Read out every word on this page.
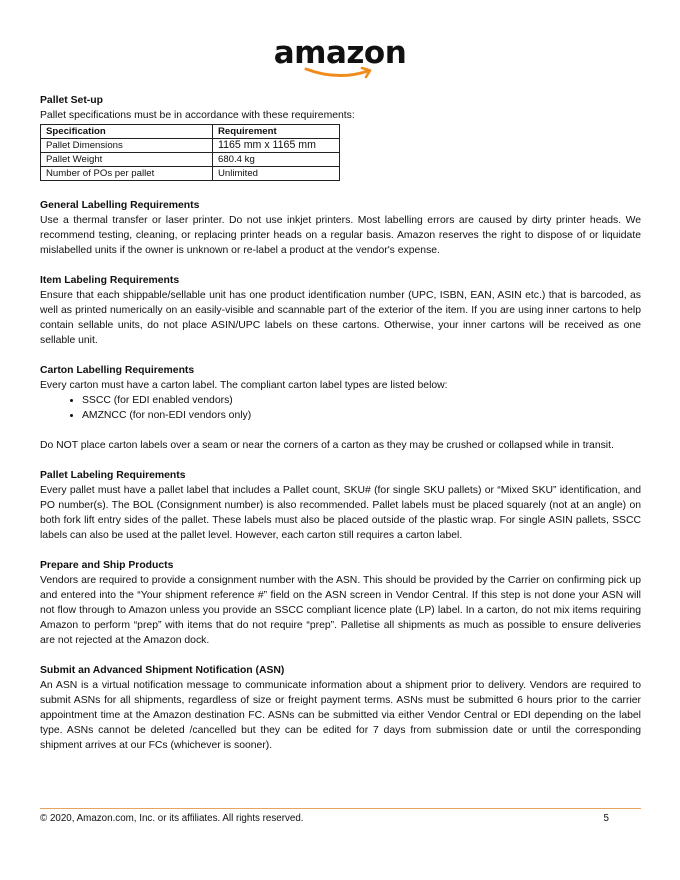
amazon

Pallet Set-up

Pallet specifications must be in accordance with these requirements:

Specification	Requirement
Pallet Dimensions	1165 mm x 1165 mm
Pallet Weight	680.4 kg
Number of POs per pallet	Unlimited

General Labelling Requirements

Use a thermal transfer or laser printer. Do not use inkjet printers. Most labelling errors are caused by dirty printer heads. We recommend testing, cleaning, or replacing printer heads on a regular basis. Amazon reserves the right to dispose of or liquidate mislabelled units if the owner is unknown or re-label a product at the vendor's expense.

Item Labeling Requirements

Ensure that each shippable/sellable unit has one product identification number (UPC, ISBN, EAN, ASIN etc.) that is barcoded, as well as printed numerically on an easily-visible and scannable part of the exterior of the item. If you are using inner cartons to help contain sellable units, do not place ASIN/UPC labels on these cartons. Otherwise, your inner cartons will be received as one sellable unit.

Carton Labelling Requirements

Every carton must have a carton label. The compliant carton label types are listed below:

• SSCC (for EDI enabled vendors)
• AMZNCC (for non-EDI vendors only)

Do NOT place carton labels over a seam or near the corners of a carton as they may be crushed or collapsed while in transit.

Pallet Labeling Requirements

Every pallet must have a pallet label that includes a Pallet count, SKU# (for single SKU pallets) or “Mixed SKU” identification, and PO number(s). The BOL (Consignment number) is also recommended. Pallet labels must be placed squarely (not at an angle) on both fork lift entry sides of the pallet. These labels must also be placed outside of the plastic wrap. For single ASIN pallets, SSCC labels can also be used at the pallet level. However, each carton still requires a carton label.

Prepare and Ship Products

Vendors are required to provide a consignment number with the ASN. This should be provided by the Carrier on confirming pick up and entered into the “Your shipment reference #” field on the ASN screen in Vendor Central. If this step is not done your ASN will not flow through to Amazon unless you provide an SSCC compliant licence plate (LP) label. In a carton, do not mix items requiring Amazon to perform “prep” with items that do not require “prep”. Palletise all shipments as much as possible to ensure deliveries are not rejected at the Amazon dock.

Submit an Advanced Shipment Notification (ASN)

An ASN is a virtual notification message to communicate information about a shipment prior to delivery. Vendors are required to submit ASNs for all shipments, regardless of size or freight payment terms. ASNs must be submitted 6 hours prior to the carrier appointment time at the Amazon destination FC. ASNs can be submitted via either Vendor Central or EDI depending on the label type. ASNs cannot be deleted /cancelled but they can be edited for 7 days from submission date or until the corresponding shipment arrives at our FCs (whichever is sooner).

© 2020, Amazon.com, Inc. or its affiliates. All rights reserved.	5
